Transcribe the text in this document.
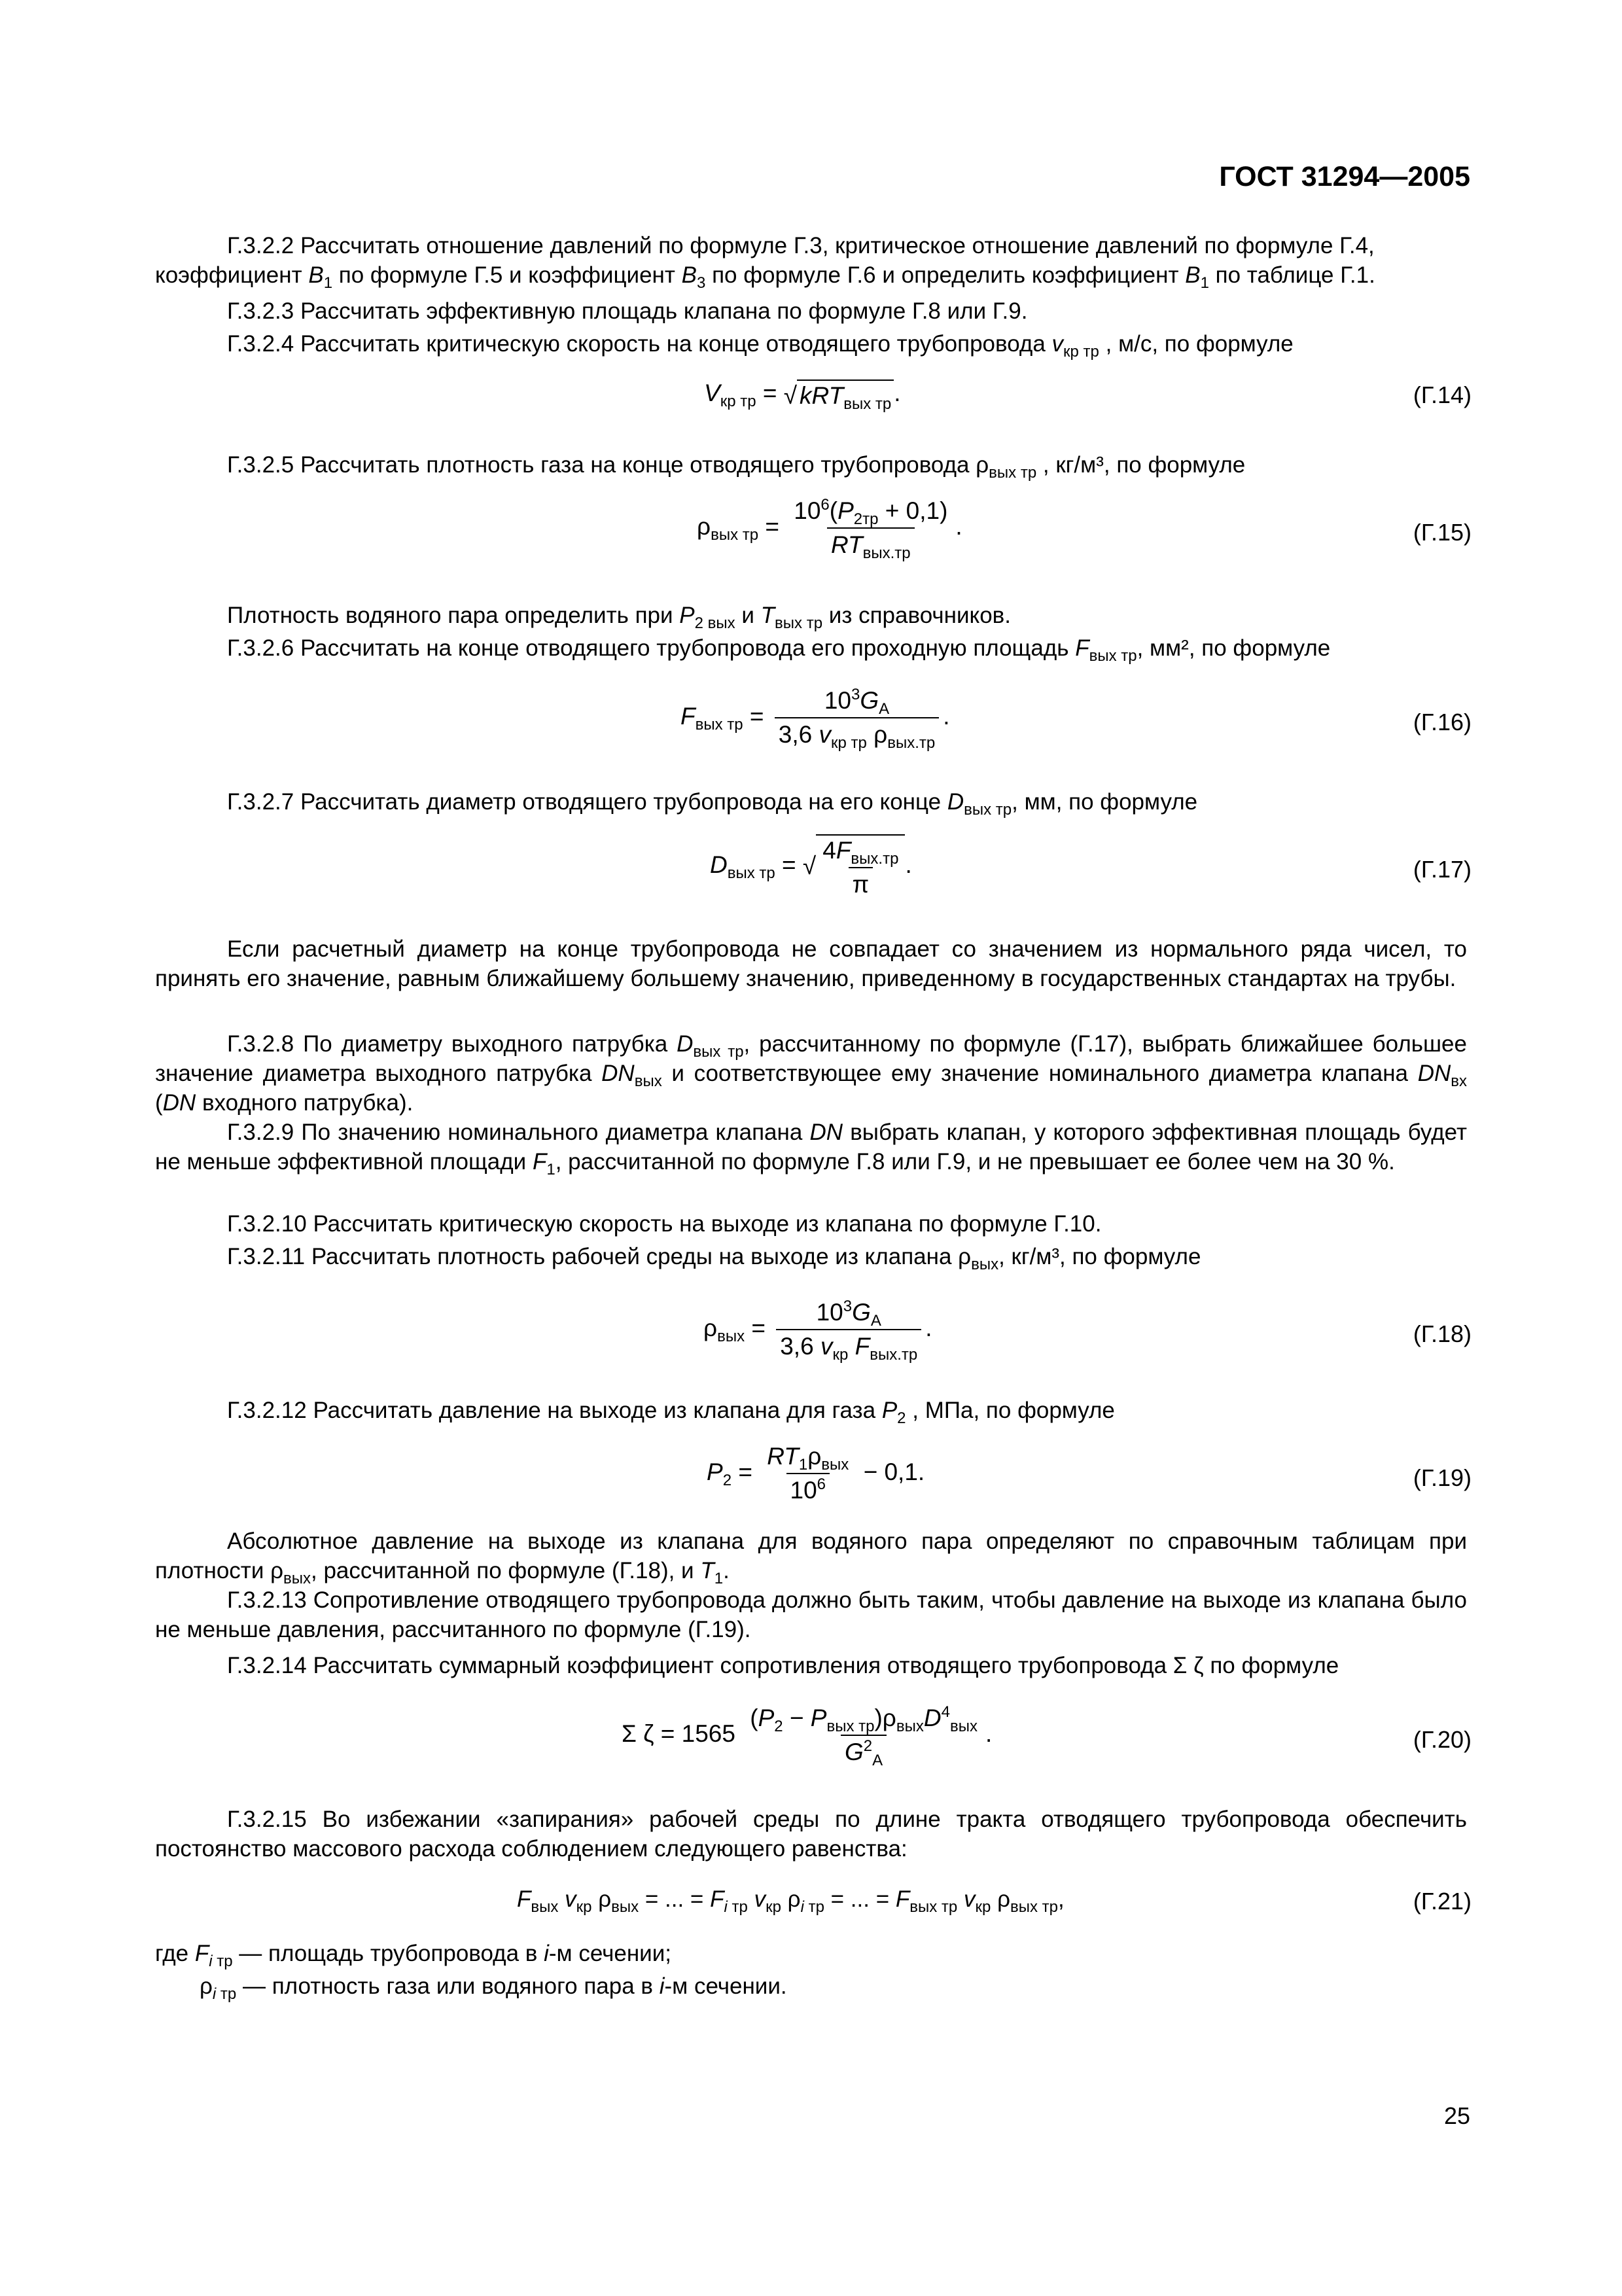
ГОСТ 31294—2005
Г.3.2.2 Рассчитать отношение давлений по формуле Г.3, критическое отношение давлений по формуле Г.4,
коэффициент $B_1$ по формуле Г.5 и коэффициент $B_3$ по формуле Г.6 и определить коэффициент $B_1$ по таблице Г.1.
Г.3.2.3 Рассчитать эффективную площадь клапана по формуле Г.8 или Г.9.
Г.3.2.4 Рассчитать критическую скорость на конце отводящего трубопровода $v_{кр тр}$ , м/с, по формуле
$V_{кр тр}$ = √ kRT$_{вых тр}$ .	(Г.14)
Г.3.2.5 Рассчитать плотность газа на конце отводящего трубопровода $\rho_{вых тр}$ , кг/м³, по формуле
$\rho_{вых тр} = \frac{10^6(P_{2тр} + 0,1)}{RT_{вых.тр}}$ .	(Г.15)
Плотность водяного пара определить при $P_{2 вых}$ и $T_{вых тр}$ из справочников.
Г.3.2.6 Рассчитать на конце отводящего трубопровода его проходную площадь $F_{вых тр}$, мм², по формуле
$F_{вых тр} = \frac{10^3G_A}{3,6 v_{кр тр} \rho_{вых.тр}}$ .	(Г.16)
Г.3.2.7 Рассчитать диаметр отводящего трубопровода на его конце $D_{вых тр}$, мм, по формуле
$D_{вых тр}$ = √ $\frac{4F_{вых.тр}}{\pi}$ .	(Г.17)

Если расчетный диаметр на конце трубопровода не совпадает со значением из нормального ряда чисел, то принять его значение, равным ближайшему большему значению, приведенному в государственных стандартах на трубы.

Г.3.2.8 По диаметру выходного патрубка $D_{вых тр}$, рассчитанному по формуле (Г.17), выбрать ближайшее большее значение диаметра выходного патрубка $DN_{вых}$ и соответствующее ему значение номинального диаметра клапана $DN_{вх}$ (DN входного патрубка).

Г.3.2.9 По значению номинального диаметра клапана DN выбрать клапан, у которого эффективная площадь будет не меньше эффективной площади $F_1$, рассчитанной по формуле Г.8 или Г.9, и не превышает ее более чем на 30 %.

Г.3.2.10 Рассчитать критическую скорость на выходе из клапана по формуле Г.10.
Г.3.2.11 Рассчитать плотность рабочей среды на выходе из клапана $\rho_{вых}$, кг/м³, по формуле
$\rho_{вых} = \frac{10^3G_A}{3,6 v_{кр} F_{вых.тр}}$ .	(Г.18)
Г.3.2.12 Рассчитать давление на выходе из клапана для газа $P_2$ , МПа, по формуле
$P_2 = \frac{RT_1\rho_{вых}}{10^6} - 0,1$.	(Г.19)

Абсолютное давление на выходе из клапана для водяного пара определяют по справочным таблицам при плотности $\rho_{вых}$, рассчитанной по формуле (Г.18), и $T_1$.

Г.3.2.13 Сопротивление отводящего трубопровода должно быть таким, чтобы давление на выходе из клапана было не меньше давления, рассчитанного по формуле (Г.19).

Г.3.2.14 Рассчитать суммарный коэффициент сопротивления отводящего трубопровода Σ ζ по формуле
Σ $\zeta = 1565 \frac{(P_2 - P_{вых тр})\rho_{вых}D^4_{вых}}{G^2_A}$ .	(Г.20)

Г.3.2.15 Во избежании «запирания» рабочей среды по длине тракта отводящего трубопровода обеспечить постоянство массового расхода соблюдением следующего равенства:

$F_{вых}$ $v_{кр}$ $\rho_{вых}$ = ... = $F_{i тр}$ $v_{кр}$ $\rho_{i тр}$ = ... = $F_{вых тр}$ $v_{кр}$ $\rho_{вых тр}$,	(Г.21)
где $F_{i тр}$ — площадь трубопровода в i-м сечении;
$\rho_{i тр}$ — плотность газа или водяного пара в i-м сечении.
25
